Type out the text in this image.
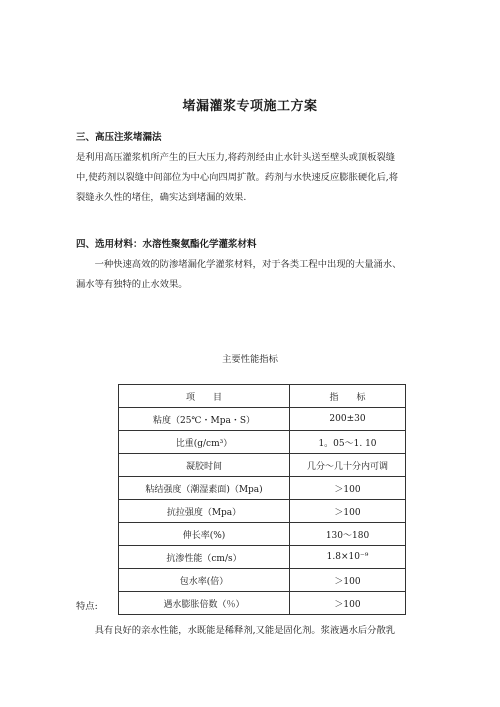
堵漏灌浆专项施工方案
三、高压注浆堵漏法
是利用高压灌浆机所产生的巨大压力,将药剂经由止水针头送至壁头或顶板裂缝
中,使药剂以裂缝中间部位为中心向四周扩散。药剂与水快速反应膨胀硬化后,将
裂缝永久性的堵住，确实达到堵漏的效果.
四、选用材料：水溶性聚氨酯化学灌浆材料
一种快速高效的防渗堵漏化学灌浆材料，对于各类工程中出现的大量涌水、
漏水等有独特的止水效果。
主要性能指标
项　　目	指　　标
粘度（25℃・Mpa・S）	200±30
比重(g/cm³）	1。05～1. 10
凝胶时间	几分～几十分内可调
粘结强度（潮湿素面)（Mpa)	＞100
抗拉强度（Mpa）	＞100
伸长率(%)	130～180
抗渗性能（cm/s）	1.8×10⁻⁹
包水率(倍）	＞100
遇水膨胀倍数（％）	＞100
特点:
具有良好的亲水性能，水既能是稀释剂,又能是固化剂。浆液遇水后分散乳
